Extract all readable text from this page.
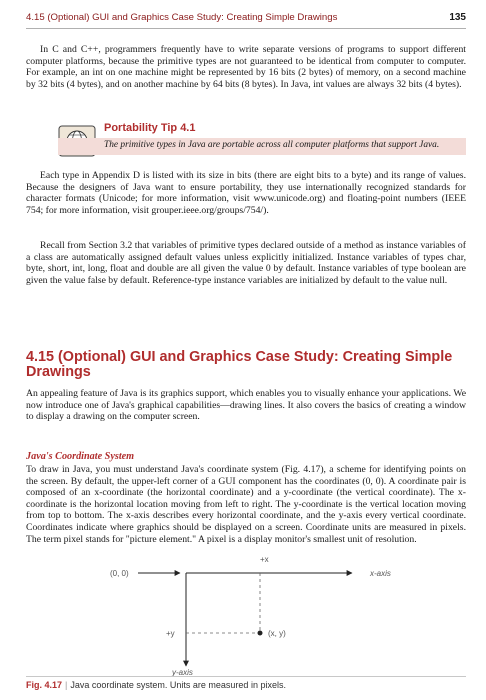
4.15 (Optional) GUI and Graphics Case Study: Creating Simple Drawings	135

In C and C++, programmers frequently have to write separate versions of programs to support different computer platforms, because the primitive types are not guaranteed to be identical from computer to computer. For example, an int on one machine might be represented by 16 bits (2 bytes) of memory, on a second machine by 32 bits (4 bytes), and on another machine by 64 bits (8 bytes). In Java, int values are always 32 bits (4 bytes).

Portability Tip 4.1
The primitive types in Java are portable across all computer platforms that support Java.

Each type in Appendix D is listed with its size in bits (there are eight bits to a byte) and its range of values. Because the designers of Java want to ensure portability, they use internationally recognized standards for character formats (Unicode; for more information, visit www.unicode.org) and floating-point numbers (IEEE 754; for more information, visit grouper.ieee.org/groups/754/).

Recall from Section 3.2 that variables of primitive types declared outside of a method as instance variables of a class are automatically assigned default values unless explicitly initialized. Instance variables of types char, byte, short, int, long, float and double are all given the value 0 by default. Instance variables of type boolean are given the value false by default. Reference-type instance variables are initialized by default to the value null.

4.15 (Optional) GUI and Graphics Case Study: Creating Simple Drawings

An appealing feature of Java is its graphics support, which enables you to visually enhance your applications. We now introduce one of Java's graphical capabilities—drawing lines. It also covers the basics of creating a window to display a drawing on the computer screen.

Java's Coordinate System

To draw in Java, you must understand Java's coordinate system (Fig. 4.17), a scheme for identifying points on the screen. By default, the upper-left corner of a GUI component has the coordinates (0, 0). A coordinate pair is composed of an x-coordinate (the horizontal coordinate) and a y-coordinate (the vertical coordinate). The x-coordinate is the horizontal location moving from left to right. The y-coordinate is the vertical location moving from top to bottom. The x-axis describes every horizontal coordinate, and the y-axis every vertical coordinate. Coordinates indicate where graphics should be displayed on a screen. Coordinate units are measured in pixels. The term pixel stands for "picture element." A pixel is a display monitor's smallest unit of resolution.

(0, 0)
+x
x-axis
+y
y-axis
(x, y)
Fig. 4.17 | Java coordinate system. Units are measured in pixels.
